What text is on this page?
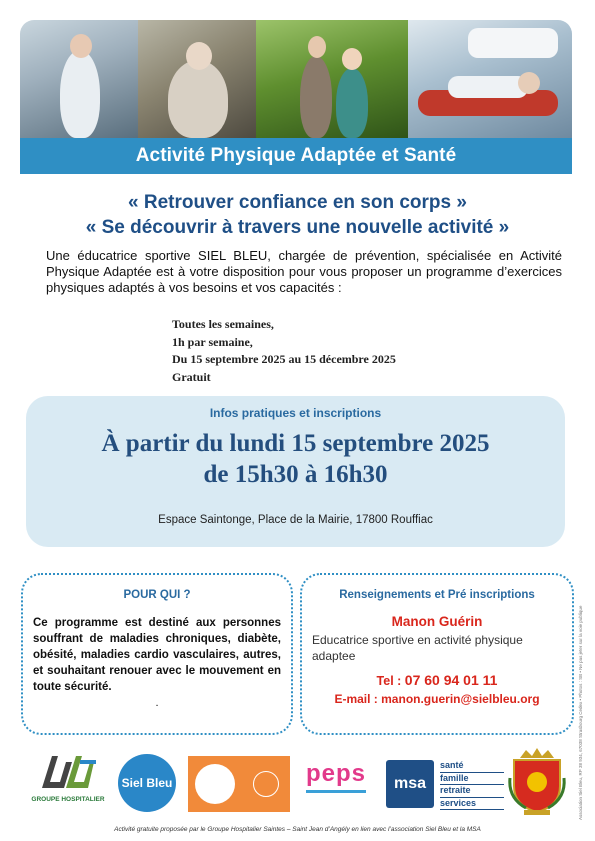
Activité Physique Adaptée et Santé
« Retrouver confiance en son corps »
« Se découvrir à travers une nouvelle activité »

Une éducatrice sportive SIEL BLEU, chargée de prévention, spécialisée en Activité Physique Adaptée est à votre disposition pour vous proposer un programme d’exercices physiques adaptés à vos besoins et vos capacités :

Toutes les semaines,
1h par semaine,
Du 15 septembre 2025 au 15 décembre 2025
Gratuit
Infos pratiques et inscriptions
À partir du lundi 15 septembre 2025
de 15h30 à 16h30
Espace Saintonge, Place de la Mairie, 17800 Rouffiac
POUR QUI ?
Ce programme est destiné aux personnes souffrant de maladies chroniques, diabète, obésité, maladies cardio vasculaires, autres, et souhaitant renouer avec le mouvement en toute sécurité.
.
Renseignements et Pré inscriptions
Manon Guérin
Educatrice sportive en activité physique adaptee
Tel : 07 60 94 01 11
E-mail : manon.guerin@sielbleu.org
GROUPE HOSPITALIER
Siel Bleu	peps msa
santé
famille
retraite
services
Activité gratuite proposée par le Groupe Hospitalier Saintes – Saint Jean d’Angély en lien avec l’association Siel Bleu et la MSA
Association Siel Bleu, RP 38 934, 67038 Strasbourg Cedex • Photos : SB • Ne pas jeter sur la voie publique
